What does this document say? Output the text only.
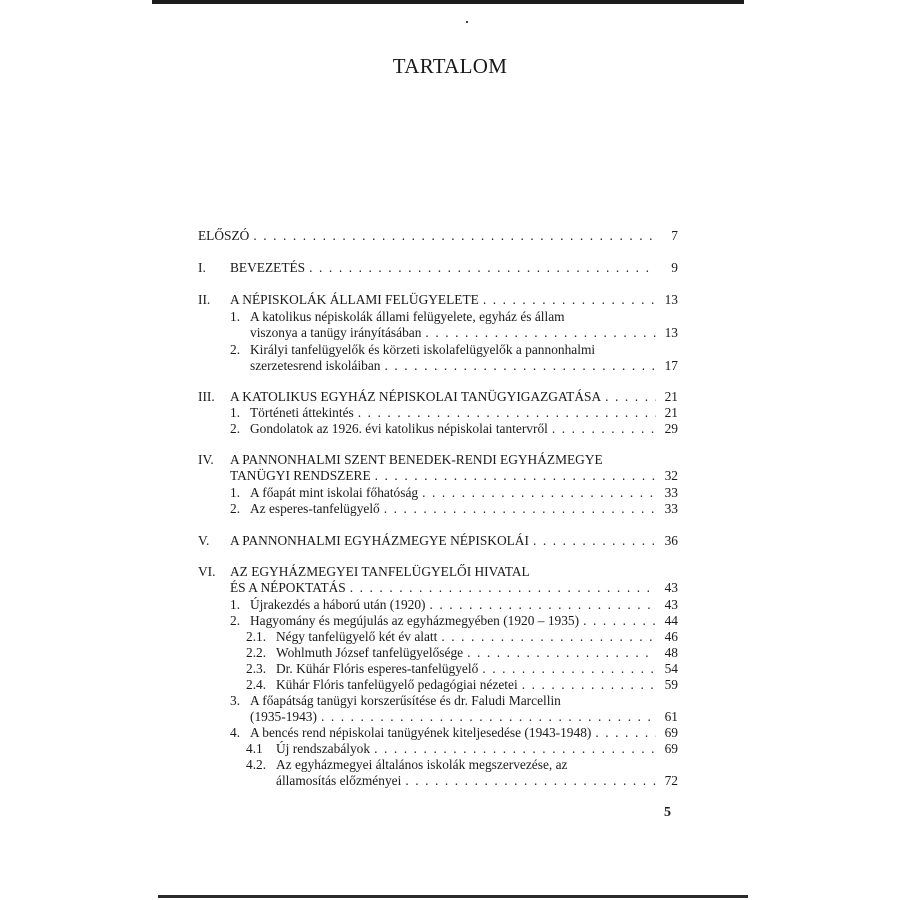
TARTALOM
ELŐSZÓ . . .	7
I. BEVEZETÉS . . .	9
II. A NÉPISKOLÁK ÁLLAMI FELÜGYELETE . . .	13
1. A katolikus népiskolák állami felügyelete, egyház és állam
viszonya a tanügy irányításában . . .	13
2. Királyi tanfelügyelők és körzeti iskolafelügyelők a pannonhalmi
szerzetesrend iskoláiban . . .	17
III. A KATOLIKUS EGYHÁZ NÉPISKOLAI TANÜGYIGAZGATÁSA . . .	21
1. Történeti áttekintés . . .	21
2. Gondolatok az 1926. évi katolikus népiskolai tantervről . . .	29
IV. A PANNONHALMI SZENT BENEDEK-RENDI EGYHÁZMEGYE
TANÜGYI RENDSZERE . . .	32
1. A főapát mint iskolai főhatóság . . .	33
2. Az esperes-tanfelügyelő . . .	33
V. A PANNONHALMI EGYHÁZMEGYE NÉPISKOLÁI . . .	36
VI. AZ EGYHÁZMEGYEI TANFELÜGYELŐI HIVATAL
ÉS A NÉPOKTATÁS . . .	43
1. Újrakezdés a háború után (1920) . . .	43
2. Hagyomány és megújulás az egyházmegyében (1920 – 1935) . . .	44
2.1. Négy tanfelügyelő két év alatt . . .	46
2.2. Wohlmuth József tanfelügyelősége . . .	48
2.3. Dr. Kühár Flóris esperes-tanfelügyelő . . .	54
2.4. Kühár Flóris tanfelügyelő pedagógiai nézetei . . .	59
3. A főapátság tanügyi korszerűsítése és dr. Faludi Marcellin
(1935-1943) . . .	61
4. A bencés rend népiskolai tanügyének kiteljesedése (1943-1948) . . .	69
4.1 Új rendszabályok . . .	69
4.2. Az egyházmegyei általános iskolák megszervezése, az
államosítás előzményei . . .	72
5
